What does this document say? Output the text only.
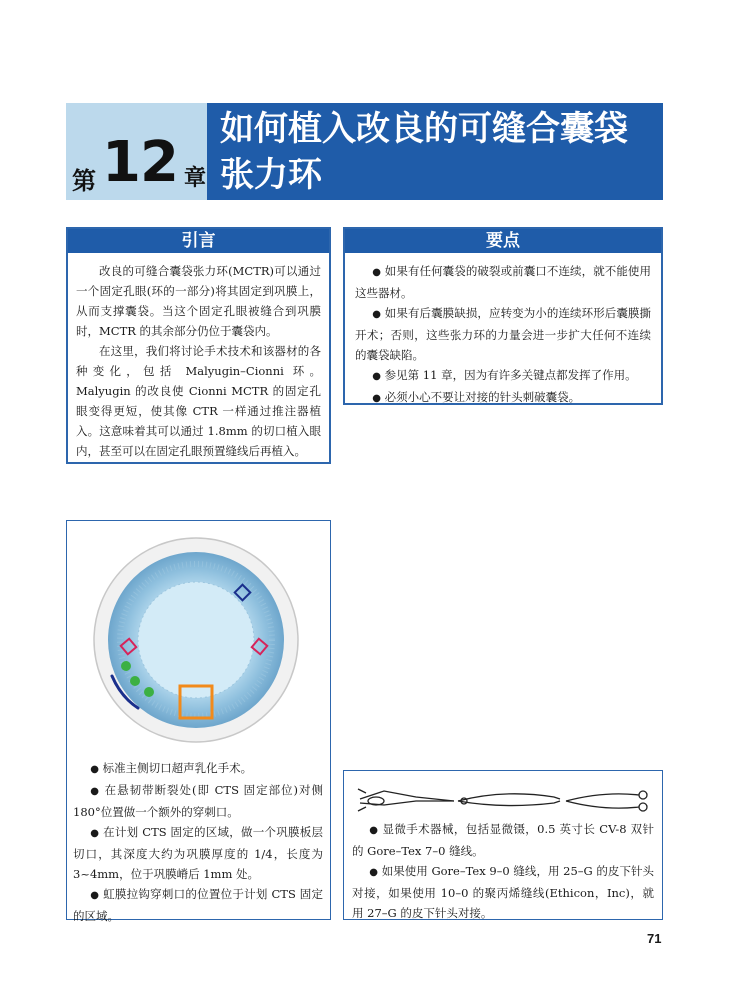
第 12 章
如何植入改良的可缝合囊袋
张力环
引言

改良的可缝合囊袋张力环(MCTR)可以通过一个固定孔眼(环的一部分)将其固定到巩膜上，从而支撑囊袋。当这个固定孔眼被缝合到巩膜时，MCTR 的其余部分仍位于囊袋内。

在这里，我们将讨论手术技术和该器材的各种变化，包括 Malyugin–Cionni 环。Malyugin 的改良使 Cionni MCTR 的固定孔眼变得更短，使其像 CTR 一样通过推注器植入。这意味着其可以通过 1.8mm 的切口植入眼内，甚至可以在固定孔眼预置缝线后再植入。

要点
● 如果有任何囊袋的破裂或前囊口不连续，就不能使用这些器材。
● 如果有后囊膜缺损，应转变为小的连续环形后囊膜撕开术；否则，这些张力环的力量会进一步扩大任何不连续的囊袋缺陷。
● 参见第 11 章，因为有许多关键点都发挥了作用。
● 必须小心不要让对接的针头刺破囊袋。
● 标准主侧切口超声乳化手术。
● 在悬韧带断裂处(即 CTS 固定部位)对侧 180°位置做一个额外的穿刺口。
● 在计划 CTS 固定的区域，做一个巩膜板层切口，其深度大约为巩膜厚度的 1/4，长度为 3~4mm，位于巩膜嵴后 1mm 处。
● 虹膜拉钩穿刺口的位置位于计划 CTS 固定的区域。
● 显微手术器械，包括显微镊，0.5 英寸长 CV-8 双针的 Gore–Tex 7–0 缝线。
● 如果使用 Gore–Tex 9–0 缝线，用 25–G 的皮下针头对接，如果使用 10–0 的聚丙烯缝线(Ethicon，Inc)，就用 27–G 的皮下针头对接。
71
